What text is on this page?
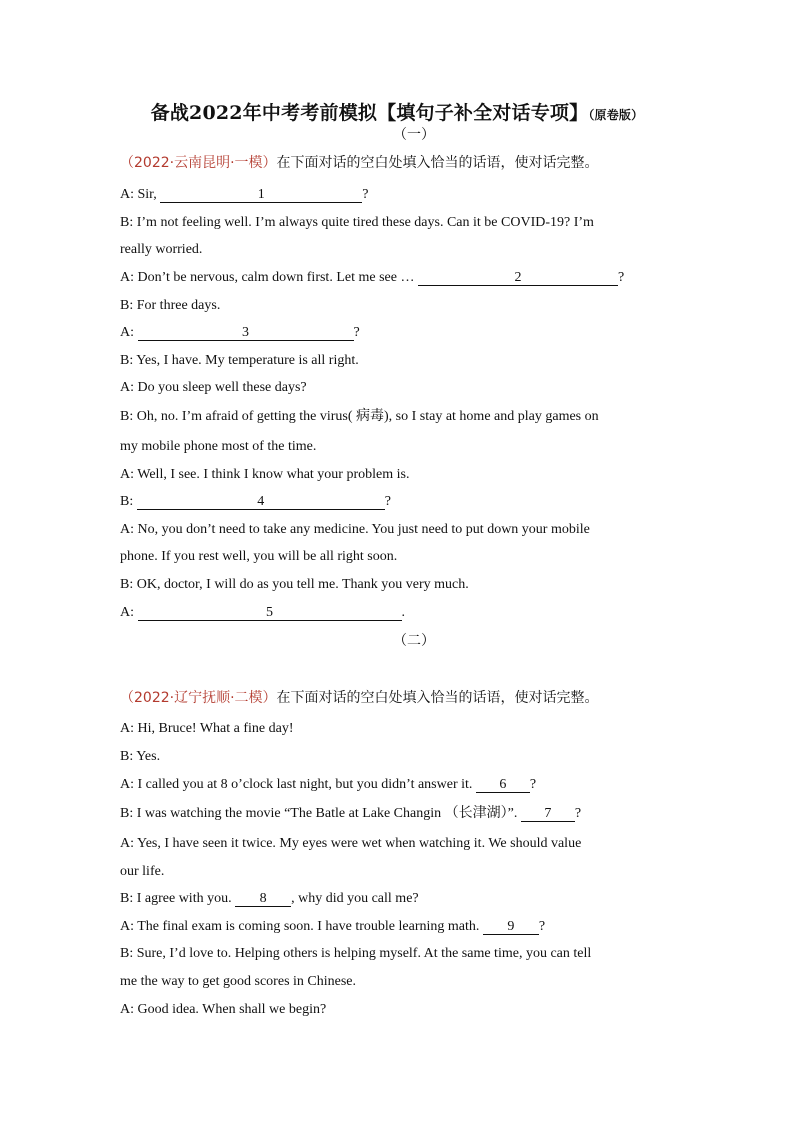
备战2022年中考考前模拟【填句子补全对话专项】（原卷版）
（一）
（2022·云南昆明·一模）在下面对话的空白处填入恰当的话语，使对话完整。
A: Sir,	1	?
B: I’m not feeling well. I’m always quite tired these days. Can it be COVID-19? I’m
really worried.
A: Don’t be nervous, calm down first. Let me see …	2	?
B: For three days.
A:	3	?
B: Yes, I have. My temperature is all right.
A: Do you sleep well these days?
B: Oh, no. I’m afraid of getting the virus( 病毒), so I stay at home and play games on
my mobile phone most of the time.
A: Well, I see. I think I know what your problem is.
B:	4	?
A: No, you don’t need to take any medicine. You just need to put down your mobile
phone. If you rest well, you will be all right soon.
B: OK, doctor, I will do as you tell me. Thank you very much.
A:	5	.
（二）
（2022·辽宁抚顺·二模）在下面对话的空白处填入恰当的话语，使对话完整。
A: Hi, Bruce! What a fine day!
B: Yes.
A: I called you at 8 o’clock last night, but you didn’t answer it. 6 ?
B: I was watching the movie “The Batle at Lake Changin （长津湖）”. 7 ?
A: Yes, I have seen it twice. My eyes were wet when watching it. We should value
our life.
B: I agree with you. 8 , why did you call me?
A: The final exam is coming soon. I have trouble learning math. 9 ?
B: Sure, I’d love to. Helping others is helping myself. At the same time, you can tell
me the way to get good scores in Chinese.
A: Good idea. When shall we begin?
